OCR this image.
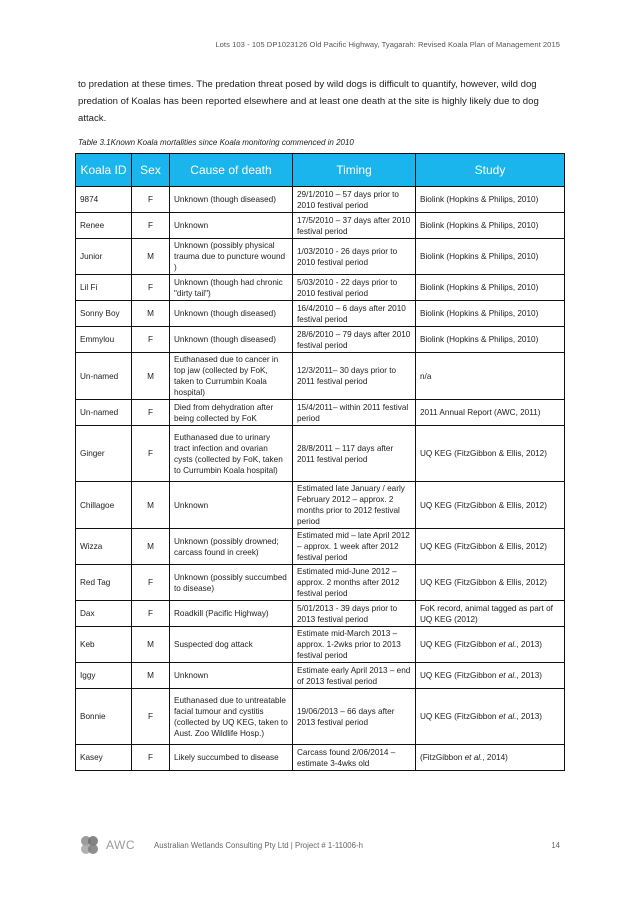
Lots 103 - 105 DP1023126 Old Pacific Highway, Tyagarah: Revised Koala Plan of Management 2015

to predation at these times. The predation threat posed by wild dogs is difficult to quantify, however, wild dog predation of Koalas has been reported elsewhere and at least one death at the site is highly likely due to dog attack.

Table 3.1Known Koala mortalities since Koala monitoring commenced in 2010
Koala ID	Sex	Cause of death	Timing	Study
9874	F	Unknown (though diseased)	29/1/2010 – 57 days prior to 2010 festival period	Biolink (Hopkins & Philips, 2010)
Renee	F	Unknown	17/5/2010 – 37 days after 2010 festival period	Biolink (Hopkins & Philips, 2010)
Junior	M	Unknown (possibly physical trauma due to puncture wound )	1/03/2010 - 26 days prior to 2010 festival period	Biolink (Hopkins & Philips, 2010)
Lil Fi	F	Unknown (though had chronic "dirty tail")	5/03/2010 - 22 days prior to 2010 festival period	Biolink (Hopkins & Philips, 2010)
Sonny Boy	M	Unknown (though diseased)	16/4/2010 – 6 days after 2010 festival period	Biolink (Hopkins & Philips, 2010)
Emmylou	F	Unknown (though diseased)	28/6/2010 – 79 days after 2010 festival period	Biolink (Hopkins & Philips, 2010)
Un-named	M	Euthanased due to cancer in top jaw (collected by FoK, taken to Currumbin Koala hospital)	12/3/2011– 30 days prior to 2011 festival period	n/a
Un-named	F	Died from dehydration after being collected by FoK	15/4/2011– within 2011 festival period	2011 Annual Report (AWC, 2011)
Ginger	F	Euthanased due to urinary tract infection and ovarian cysts (collected by FoK, taken to Currumbin Koala hospital)	28/8/2011 – 117 days after 2011 festival period	UQ KEG (FitzGibbon & Ellis, 2012)
Chillagoe	M	Unknown	Estimated late January / early February 2012 – approx. 2 months prior to 2012 festival period	UQ KEG (FitzGibbon & Ellis, 2012)
Wizza	M	Unknown (possibly drowned; carcass found in creek)	Estimated mid – late April 2012 – approx. 1 week after 2012 festival period	UQ KEG (FitzGibbon & Ellis, 2012)
Red Tag	F	Unknown (possibly succumbed to disease)	Estimated mid-June 2012 – approx. 2 months after 2012 festival period	UQ KEG (FitzGibbon & Ellis, 2012)
Dax	F	Roadkill (Pacific Highway)	5/01/2013 - 39 days prior to 2013 festival period	FoK record, animal tagged as part of UQ KEG (2012)
Keb	M	Suspected dog attack	Estimate mid-March 2013 – approx. 1-2wks prior to 2013 festival period	UQ KEG (FitzGibbon et al., 2013)
Iggy	M	Unknown	Estimate early April 2013 – end of 2013 festival period	UQ KEG (FitzGibbon et al., 2013)
Bonnie	F	Euthanased due to untreatable facial tumour and cystitis (collected by UQ KEG, taken to Aust. Zoo Wildlife Hosp.)	19/06/2013 – 66 days after 2013 festival period	UQ KEG (FitzGibbon et al., 2013)
Kasey	F	Likely succumbed to disease	Carcass found 2/06/2014 – estimate 3-4wks old	(FitzGibbon et al., 2014)
AWC Australian Wetlands Consulting Pty Ltd | Project # 1-11006-h	14
